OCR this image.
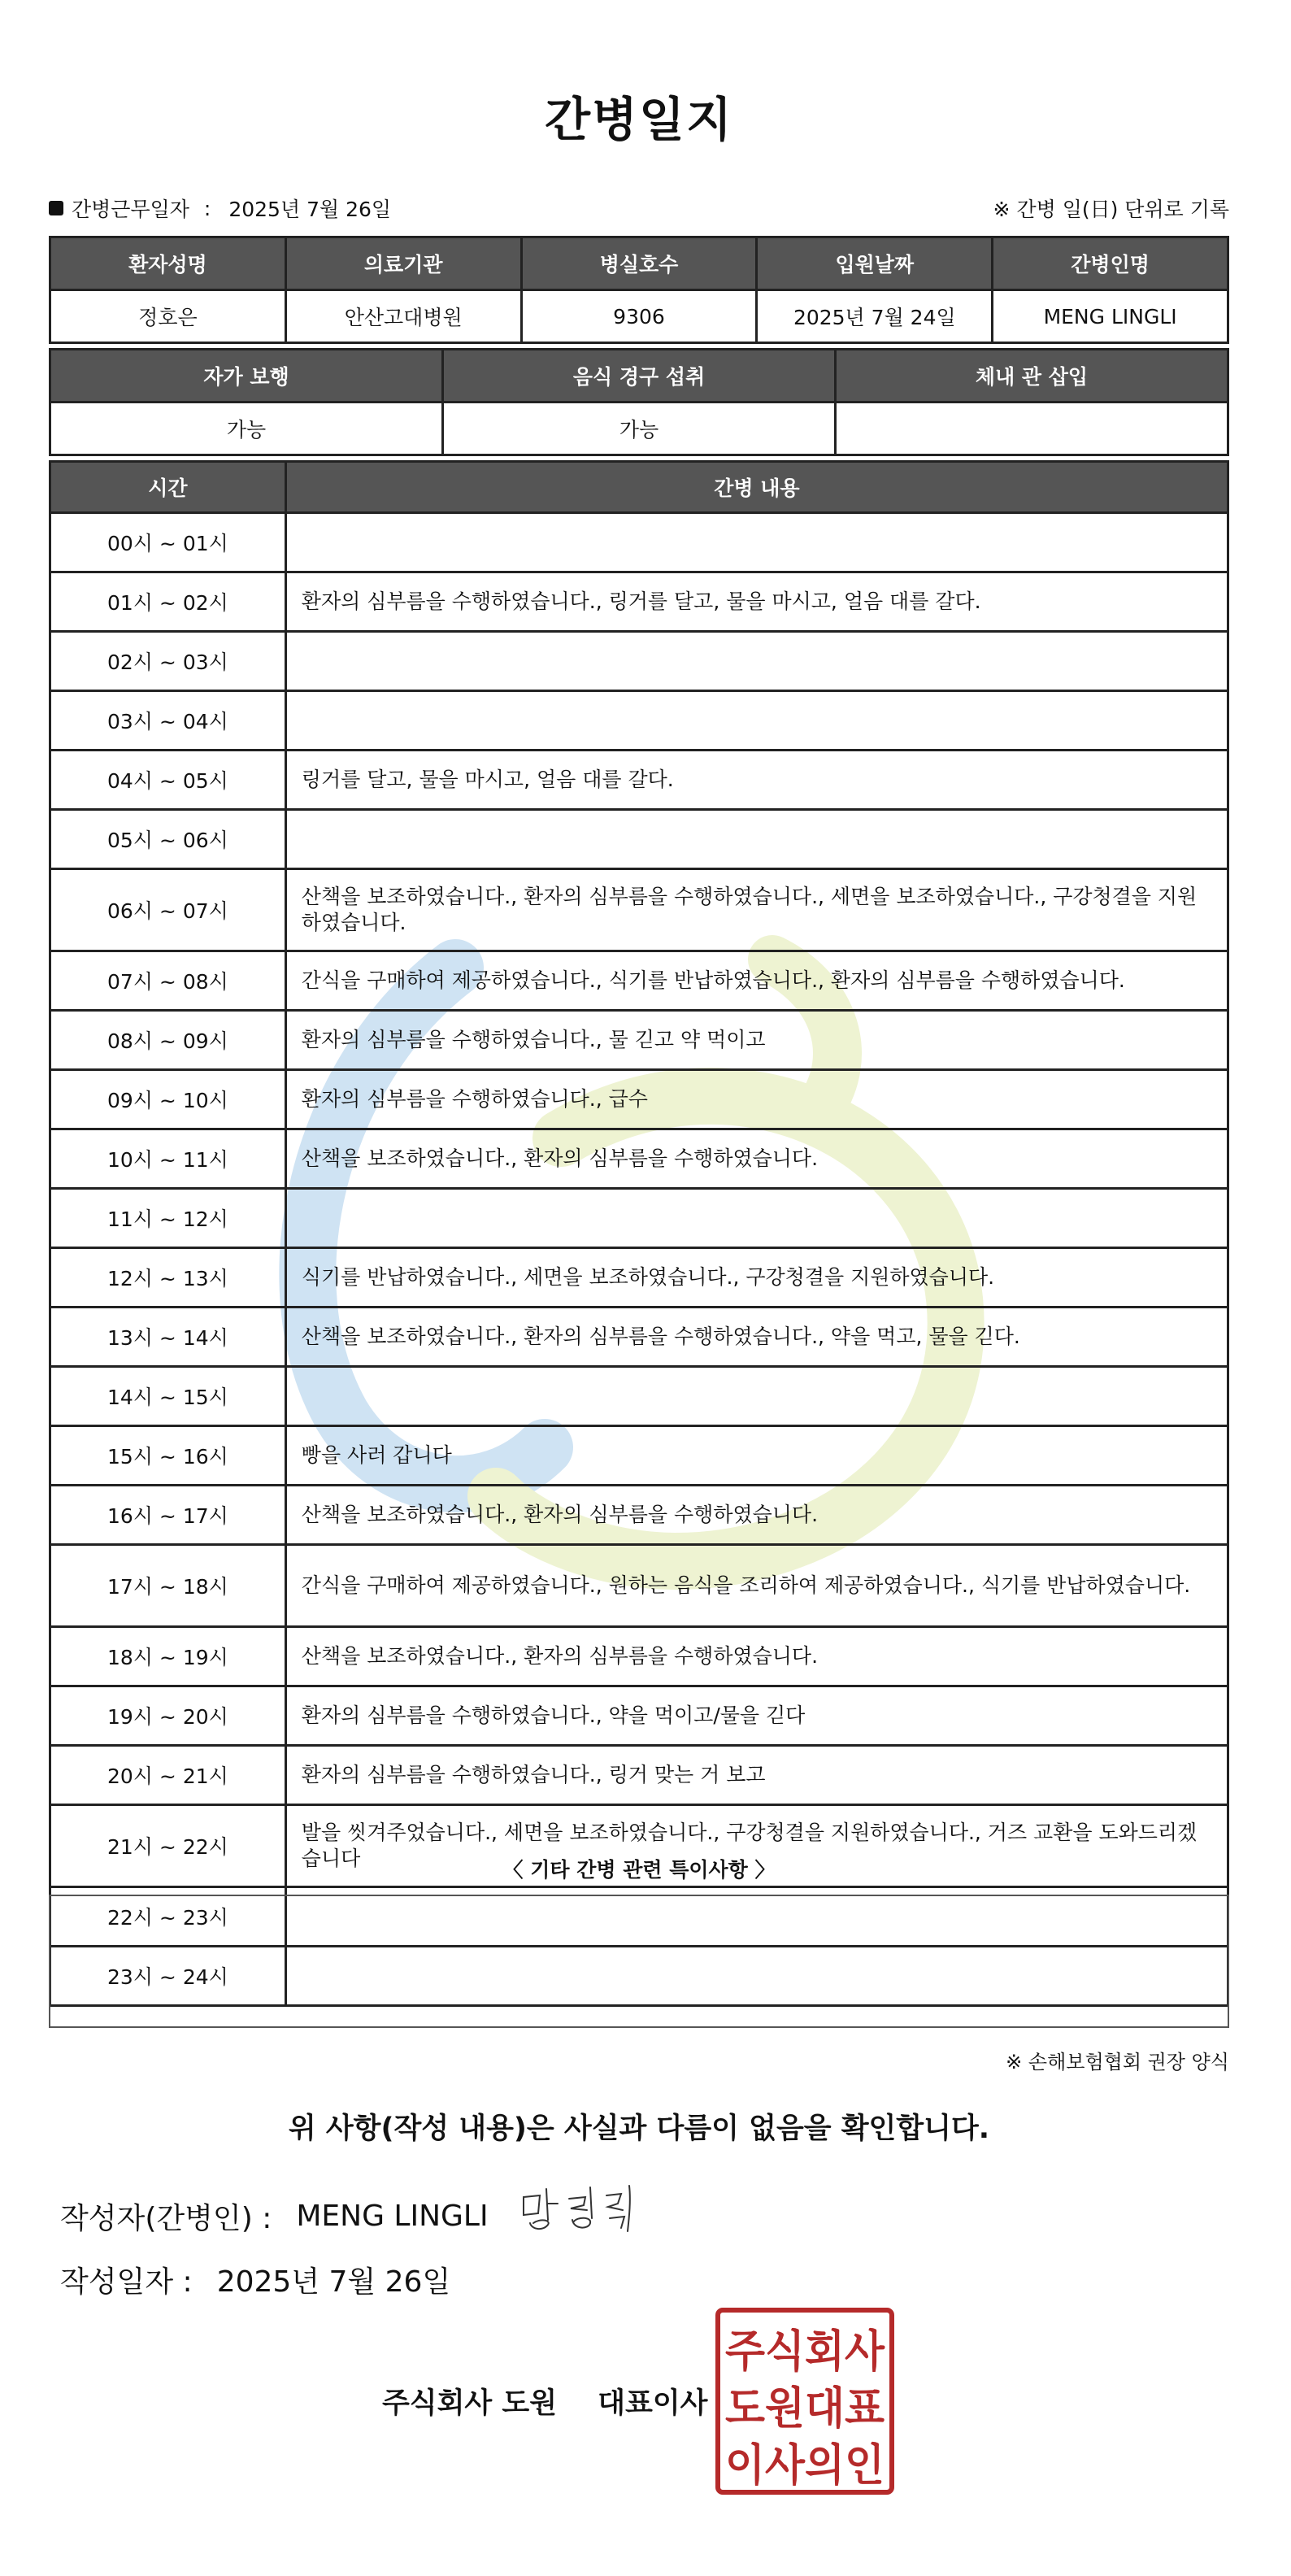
간병일지
간병근무일자 : 2025년 7월 26일	※ 간병 일(日) 단위로 기록
환자성명	의료기관	병실호수	입원날짜	간병인명
정호은	안산고대병원	9306	2025년 7월 24일	MENG LINGLI
자가 보행	음식 경구 섭취	체내 관 삽입
가능	가능	
시간	간병 내용
00시 ~ 01시	
01시 ~ 02시	환자의 심부름을 수행하였습니다., 링거를 달고, 물을 마시고, 얼음 대를 갈다.
02시 ~ 03시	
03시 ~ 04시	
04시 ~ 05시	링거를 달고, 물을 마시고, 얼음 대를 갈다.
05시 ~ 06시	
06시 ~ 07시	산책을 보조하였습니다., 환자의 심부름을 수행하였습니다., 세면을 보조하였습니다., 구강청결을 지원하였습니다.
07시 ~ 08시	간식을 구매하여 제공하였습니다., 식기를 반납하였습니다., 환자의 심부름을 수행하였습니다.
08시 ~ 09시	환자의 심부름을 수행하였습니다., 물 긷고 약 먹이고
09시 ~ 10시	환자의 심부름을 수행하였습니다., 급수
10시 ~ 11시	산책을 보조하였습니다., 환자의 심부름을 수행하였습니다.
11시 ~ 12시	
12시 ~ 13시	식기를 반납하였습니다., 세면을 보조하였습니다., 구강청결을 지원하였습니다.
13시 ~ 14시	산책을 보조하였습니다., 환자의 심부름을 수행하였습니다., 약을 먹고, 물을 긷다.
14시 ~ 15시	
15시 ~ 16시	빵을 사러 갑니다
16시 ~ 17시	산책을 보조하였습니다., 환자의 심부름을 수행하였습니다.
17시 ~ 18시	간식을 구매하여 제공하였습니다., 원하는 음식을 조리하여 제공하였습니다., 식기를 반납하였습니다.
18시 ~ 19시	산책을 보조하였습니다., 환자의 심부름을 수행하였습니다.
19시 ~ 20시	환자의 심부름을 수행하였습니다., 약을 먹이고/물을 긷다
20시 ~ 21시	환자의 심부름을 수행하였습니다., 링거 맞는 거 보고
21시 ~ 22시	발을 씻겨주었습니다., 세면을 보조하였습니다., 구강청결을 지원하였습니다., 거즈 교환을 도와드리겠습니다
22시 ~ 23시	
23시 ~ 24시	
〈 기타 간병 관련 특이사항 〉
※ 손해보험협회 권장 양식
위 사항(작성 내용)은 사실과 다름이 없음을 확인합니다.
작성자(간병인) : MENG LINGLI
작성일자 : 2025년 7월 26일
주식회사 도원 대표이사
주식회사
도원대표
이사의인
